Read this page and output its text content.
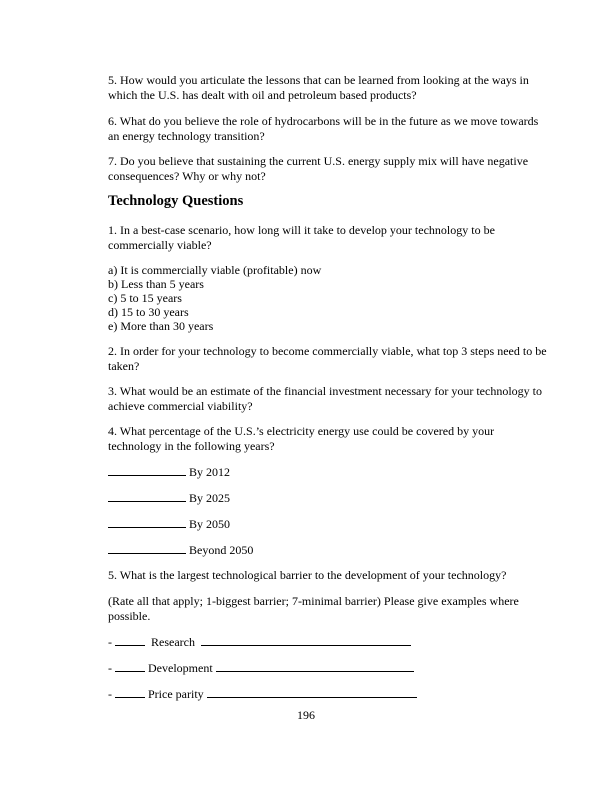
5. How would you articulate the lessons that can be learned from looking at the ways in which the U.S. has dealt with oil and petroleum based products?

6. What do you believe the role of hydrocarbons will be in the future as we move towards an energy technology transition?

7. Do you believe that sustaining the current U.S. energy supply mix will have negative consequences? Why or why not?

Technology Questions

1. In a best-case scenario, how long will it take to develop your technology to be commercially viable?

a) It is commercially viable (profitable) now
b) Less than 5 years
c) 5 to 15 years
d) 15 to 30 years
e) More than 30 years

2. In order for your technology to become commercially viable, what top 3 steps need to be taken?

3. What would be an estimate of the financial investment necessary for your technology to achieve commercial viability?

4. What percentage of the U.S.’s electricity energy use could be covered by your technology in the following years?

By 2012
By 2025
By 2050
Beyond 2050

5. What is the largest technological barrier to the development of your technology?

(Rate all that apply; 1-biggest barrier; 7-minimal barrier) Please give examples where possible.

-	Research
-	Development
-	Price parity
196
